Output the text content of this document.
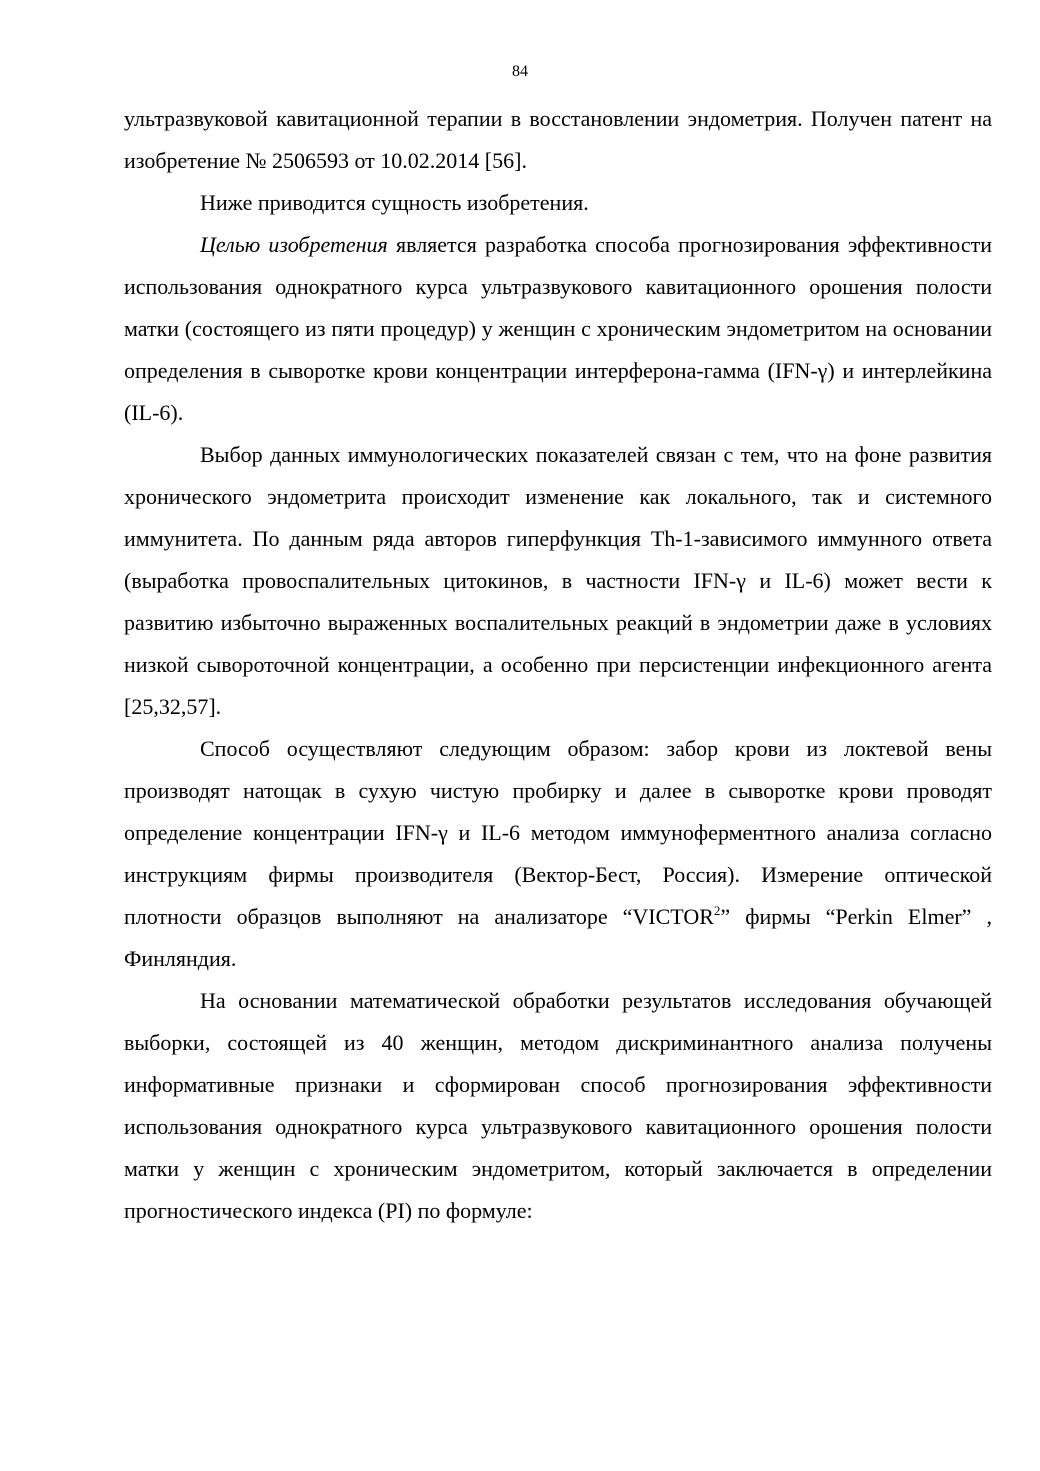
84

ультразвуковой кавитационной терапии в восстановлении эндометрия. Получен патент на изобретение № 2506593 от 10.02.2014 [56].

Ниже приводится сущность изобретения.

Целью изобретения является разработка способа прогнозирования эффективности использования однократного курса ультразвукового кавитационного орошения полости матки (состоящего из пяти процедур) у женщин с хроническим эндометритом на основании определения в сыворотке крови концентрации интерферона-гамма (IFN-γ) и интерлейкина (IL-6).

Выбор данных иммунологических показателей связан с тем, что на фоне развития хронического эндометрита происходит изменение как локального, так и системного иммунитета. По данным ряда авторов гиперфункция Th-1-зависимого иммунного ответа (выработка провоспалительных цитокинов, в частности IFN-γ и IL-6) может вести к развитию избыточно выраженных воспалительных реакций в эндометрии даже в условиях низкой сывороточной концентрации, а особенно при персистенции инфекционного агента [25,32,57].

Способ осуществляют следующим образом: забор крови из локтевой вены производят натощак в сухую чистую пробирку и далее в сыворотке крови проводят определение концентрации IFN-γ и IL-6 методом иммуноферментного анализа согласно инструкциям фирмы производителя (Вектор-Бест, Россия). Измерение оптической плотности образцов выполняют на анализаторе “VICTOR$^2$” фирмы “Perkin Elmer” , Финляндия.

На основании математической обработки результатов исследования обучающей выборки, состоящей из 40 женщин, методом дискриминантного анализа получены информативные признаки и сформирован способ прогнозирования эффективности использования однократного курса ультразвукового кавитационного орошения полости матки у женщин с хроническим эндометритом, который заключается в определении прогностического индекса (PI) по формуле:
